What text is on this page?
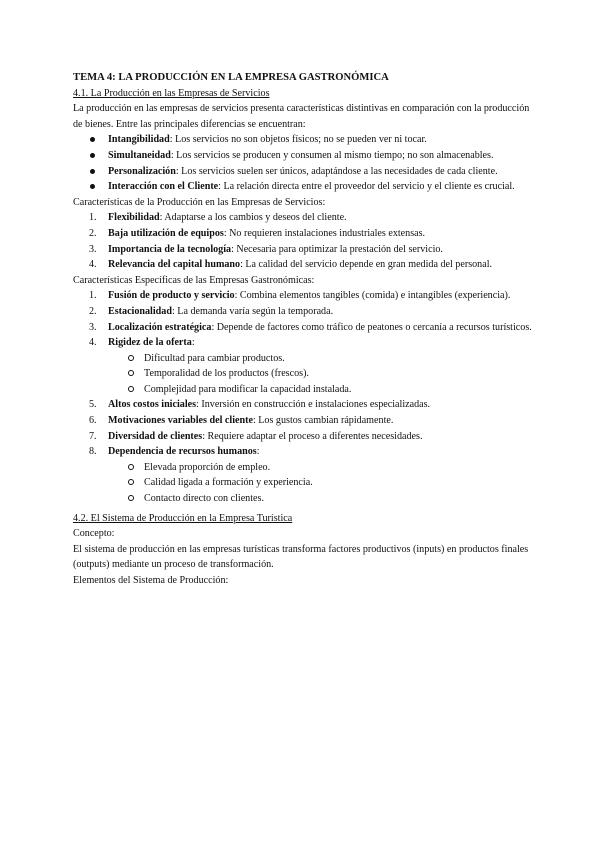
TEMA 4: LA PRODUCCIÓN EN LA EMPRESA GASTRONÓMICA

4.1. La Producción en las Empresas de Servicios

La producción en las empresas de servicios presenta características distintivas en comparación con la producción de bienes. Entre las principales diferencias se encuentran:

Intangibilidad: Los servicios no son objetos físicos; no se pueden ver ni tocar.
Simultaneidad: Los servicios se producen y consumen al mismo tiempo; no son almacenables.
Personalización: Los servicios suelen ser únicos, adaptándose a las necesidades de cada cliente.
Interacción con el Cliente: La relación directa entre el proveedor del servicio y el cliente es crucial.

Características de la Producción en las Empresas de Servicios:

1. Flexibilidad: Adaptarse a los cambios y deseos del cliente.
2. Baja utilización de equipos: No requieren instalaciones industriales extensas.
3. Importancia de la tecnología: Necesaria para optimizar la prestación del servicio.
4. Relevancia del capital humano: La calidad del servicio depende en gran medida del personal.

Características Específicas de las Empresas Gastronómicas:

1. Fusión de producto y servicio: Combina elementos tangibles (comida) e intangibles (experiencia).
2. Estacionalidad: La demanda varía según la temporada.
3. Localización estratégica: Depende de factores como tráfico de peatones o cercanía a recursos turísticos.
4. Rigidez de la oferta:
Dificultad para cambiar productos.
Temporalidad de los productos (frescos).
Complejidad para modificar la capacidad instalada.
5. Altos costos iniciales: Inversión en construcción e instalaciones especializadas.
6. Motivaciones variables del cliente: Los gustos cambian rápidamente.
7. Diversidad de clientes: Requiere adaptar el proceso a diferentes necesidades.
8. Dependencia de recursos humanos:
Elevada proporción de empleo.
Calidad ligada a formación y experiencia.
Contacto directo con clientes.

4.2. El Sistema de Producción en la Empresa Turística

Concepto:

El sistema de producción en las empresas turísticas transforma factores productivos (inputs) en productos finales (outputs) mediante un proceso de transformación.

Elementos del Sistema de Producción:
